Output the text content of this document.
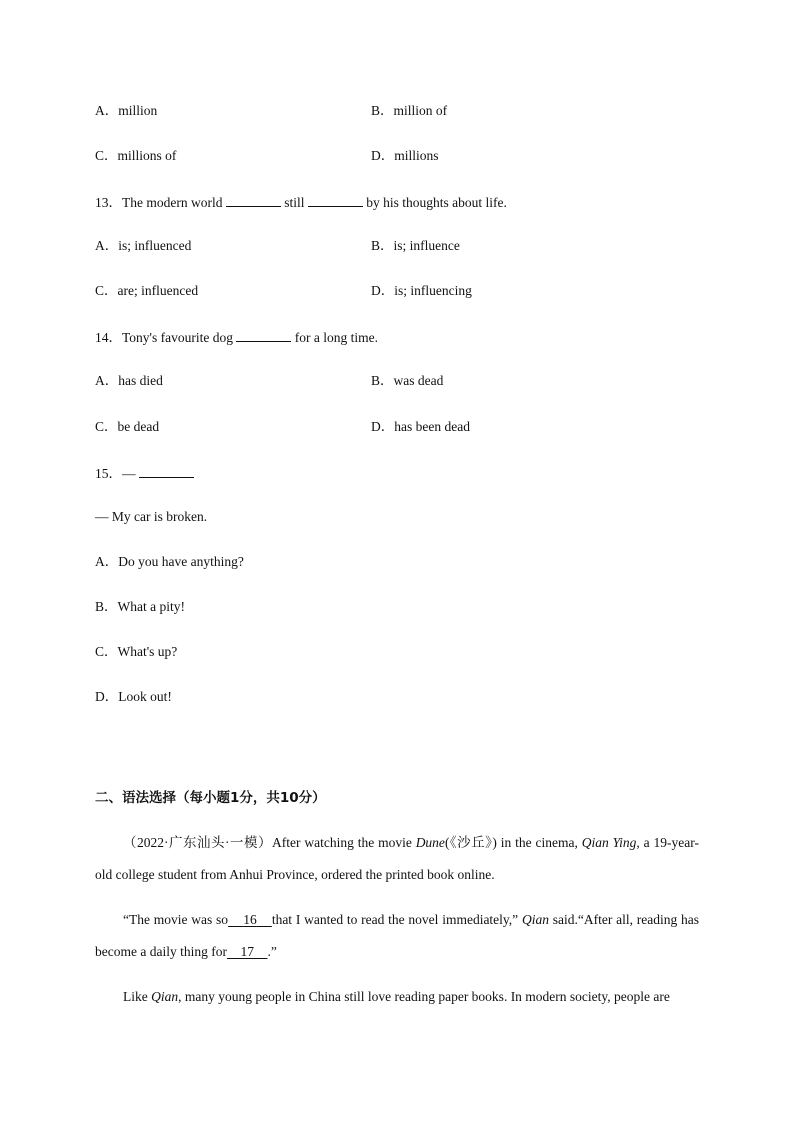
A．million	B．million of
C．millions of	D．millions
13．The modern world	still	by his thoughts about life.
A．is; influenced	B．is; influence
C．are; influenced	D．is; influencing
14．Tony's favourite dog	for a long time.
A．has died	B．was dead
C．be dead	D．has been dead
15．—
— My car is broken.
A．Do you have anything?
B．What a pity!
C．What's up?
D．Look out!
二、语法选择（每小题1分，共10分）
（2022·广东汕头·一模）After watching the movie Dune(《沙丘》) in the cinema, Qian Ying, a 19-year-old college student from Anhui Province, ordered the printed book online.
“The movie was so 16 that I wanted to read the novel immediately,” Qian said.“After all, reading has become a daily thing for 17 .”
Like Qian, many young people in China still love reading paper books. In modern society, people are
